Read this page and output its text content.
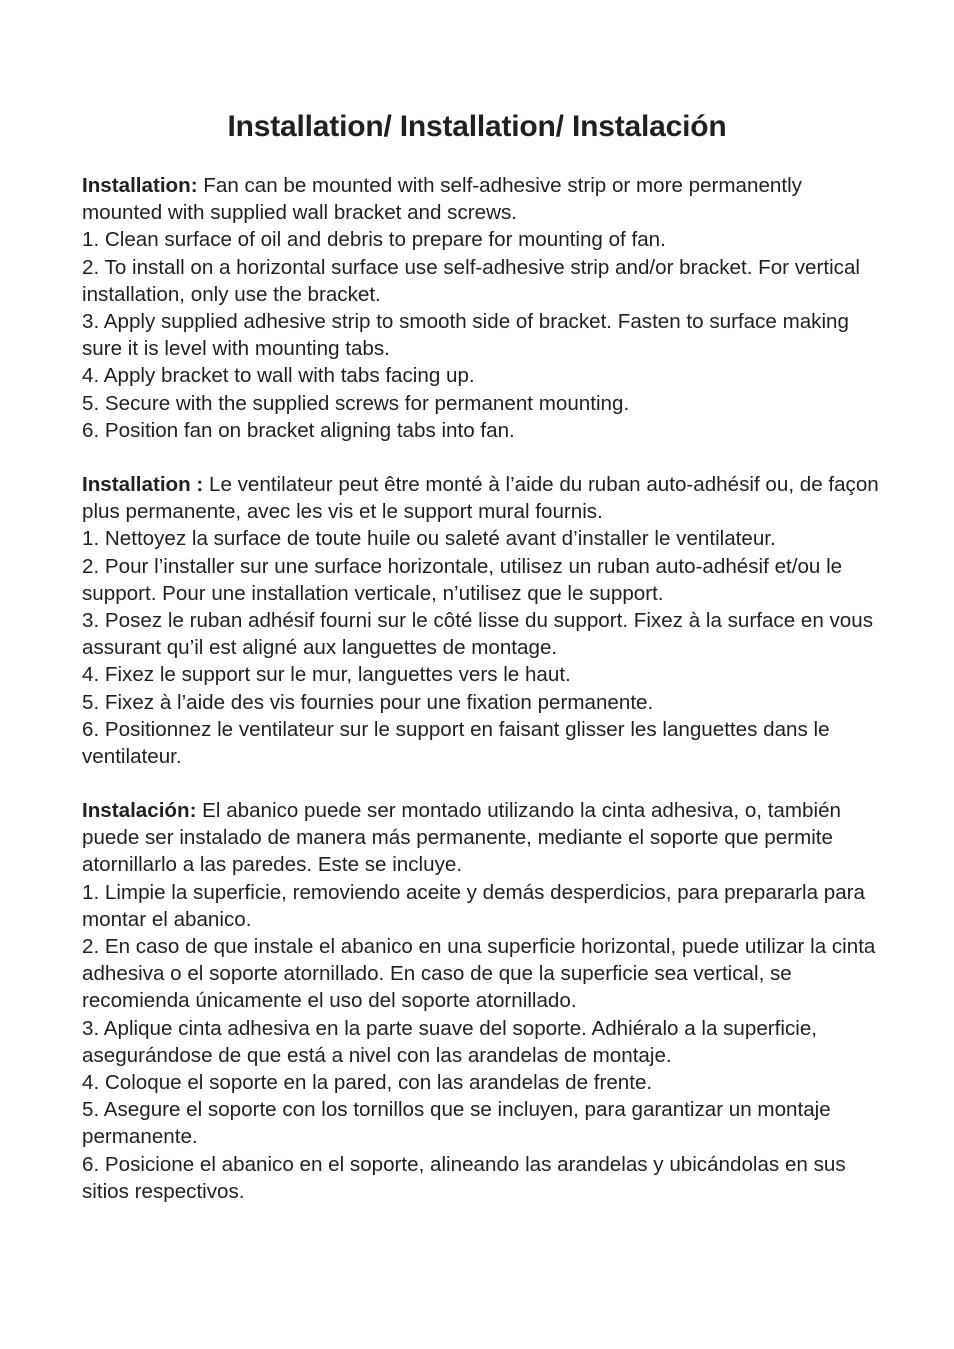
Installation/ Installation/ Instalación

Installation: Fan can be mounted with self-adhesive strip or more permanently mounted with supplied wall bracket and screws.

1. Clean surface of oil and debris to prepare for mounting of fan.

2. To install on a horizontal surface use self-adhesive strip and/or bracket. For vertical installation, only use the bracket.

3. Apply supplied adhesive strip to smooth side of bracket. Fasten to surface making sure it is level with mounting tabs.

4. Apply bracket to wall with tabs facing up.

5. Secure with the supplied screws for permanent mounting.

6. Position fan on bracket aligning tabs into fan.

Installation : Le ventilateur peut être monté à l’aide du ruban auto-adhésif ou, de façon plus permanente, avec les vis et le support mural fournis.

1. Nettoyez la surface de toute huile ou saleté avant d’installer le ventilateur.

2. Pour l’installer sur une surface horizontale, utilisez un ruban auto-adhésif et/ou le support. Pour une installation verticale, n’utilisez que le support.

3. Posez le ruban adhésif fourni sur le côté lisse du support. Fixez à la surface en vous assurant qu’il est aligné aux languettes de montage.

4. Fixez le support sur le mur, languettes vers le haut.

5. Fixez à l’aide des vis fournies pour une fixation permanente.

6. Positionnez le ventilateur sur le support en faisant glisser les languettes dans le ventilateur.

Instalación: El abanico puede ser montado utilizando la cinta adhesiva, o, también puede ser instalado de manera más permanente, mediante el soporte que permite atornillarlo a las paredes. Este se incluye.

1. Limpie la superficie, removiendo aceite y demás desperdicios, para prepararla para montar el abanico.

2. En caso de que instale el abanico en una superficie horizontal, puede utilizar la cinta adhesiva o el soporte atornillado. En caso de que la superficie sea vertical, se recomienda únicamente el uso del soporte atornillado.

3. Aplique cinta adhesiva en la parte suave del soporte. Adhiéralo a la superficie, asegurándose de que está a nivel con las arandelas de montaje.

4. Coloque el soporte en la pared, con las arandelas de frente.

5. Asegure el soporte con los tornillos que se incluyen, para garantizar un montaje permanente.

6. Posicione el abanico en el soporte, alineando las arandelas y ubicándolas en sus sitios respectivos.
